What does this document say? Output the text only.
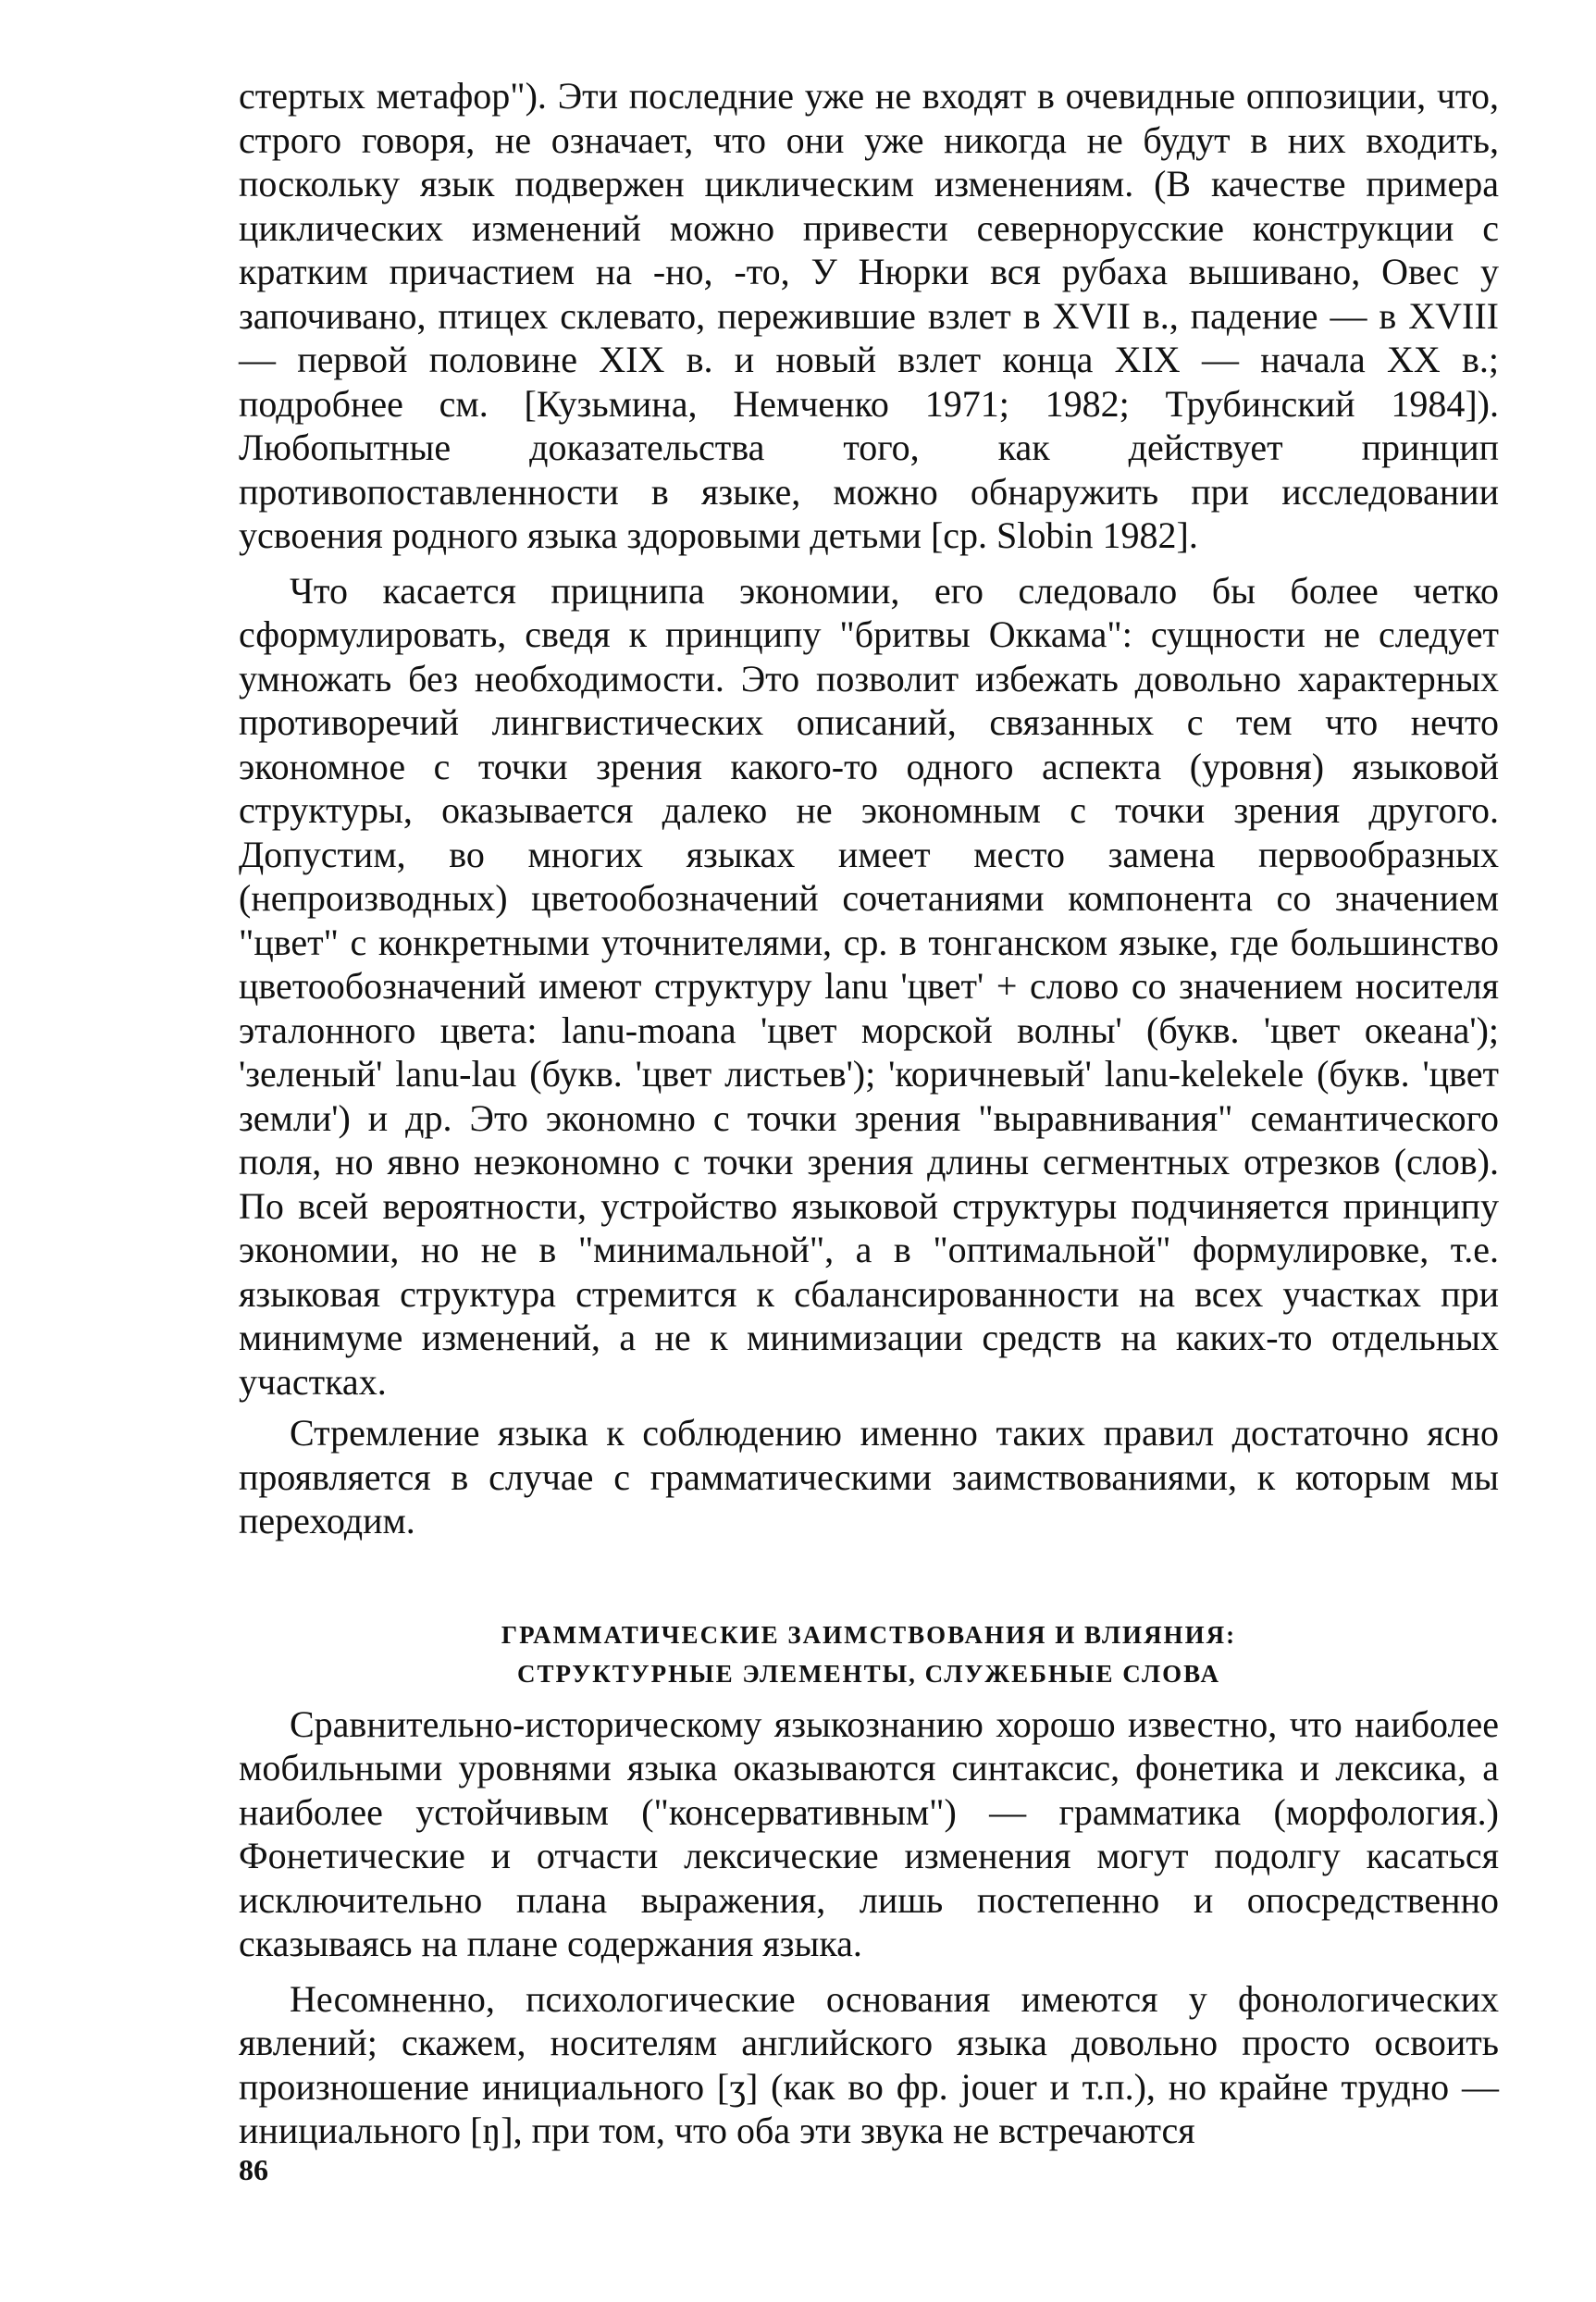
стертых метафор"). Эти последние уже не входят в очевидные оппозиции, что, строго говоря, не означает, что они уже никогда не будут в них входить, поскольку язык подвержен циклическим изменениям. (В качестве примера циклических изменений можно привести севернорусские конструкции с кратким причастием на -но, -то, У Нюрки вся рубаха вышивано, Овес у започивано, птицех склевато, пережившие взлет в XVII в., падение — в XVIII — первой половине XIX в. и новый взлет конца XIX — начала XX в.; подробнее см. [Кузьмина, Немченко 1971; 1982; Трубинский 1984]). Любопытные доказательства того, как действует принцип противопоставленности в языке, можно обнаружить при исследовании усвоения родного языка здоровыми детьми [ср. Slobin 1982].

Что касается прицнипа экономии, его следовало бы более четко сформулировать, сведя к принципу "бритвы Оккама": сущности не следует умножать без необходимости. Это позволит избежать довольно характерных противоречий лингвистических описаний, связанных с тем что нечто экономное с точки зрения какого-то одного аспекта (уровня) языковой структуры, оказывается далеко не экономным с точки зрения другого. Допустим, во многих языках имеет место замена первообразных (непроизводных) цветообозначений сочетаниями компонента со значением "цвет" с конкретными уточнителями, ср. в тонганском языке, где большинство цветообозначений имеют структуру lanu 'цвет' + слово со значением носителя эталонного цвета: lanu-moana 'цвет морской волны' (букв. 'цвет океана'); 'зеленый' lanu-lau (букв. 'цвет листьев'); 'коричневый' lanu-kelekele (букв. 'цвет земли') и др. Это экономно с точки зрения "выравнивания" семантического поля, но явно неэкономно с точки зрения длины сегментных отрезков (слов). По всей вероятности, устройство языковой структуры подчиняется принципу экономии, но не в "минимальной", а в "оптимальной" формулировке, т.е. языковая структура стремится к сбалансированности на всех участках при минимуме изменений, а не к минимизации средств на каких-то отдельных участках.

Стремление языка к соблюдению именно таких правил достаточно ясно проявляется в случае с грамматическими заимствованиями, к которым мы переходим.

ГРАММАТИЧЕСКИЕ ЗАИМСТВОВАНИЯ И ВЛИЯНИЯ:
СТРУКТУРНЫЕ ЭЛЕМЕНТЫ, СЛУЖЕБНЫЕ СЛОВА

Сравнительно-историческому языкознанию хорошо известно, что наиболее мобильными уровнями языка оказываются синтаксис, фонетика и лексика, а наиболее устойчивым ("консервативным") — грамматика (морфология.) Фонетические и отчасти лексические изменения могут подолгу касаться исключительно плана выражения, лишь постепенно и опосредственно сказываясь на плане содержания языка.

Несомненно, психологические основания имеются у фонологических явлений; скажем, носителям английского языка довольно просто освоить произношение инициального [ʒ] (как во фр. jouer и т.п.), но крайне трудно — инициального [ŋ], при том, что оба эти звука не встречаются

86
